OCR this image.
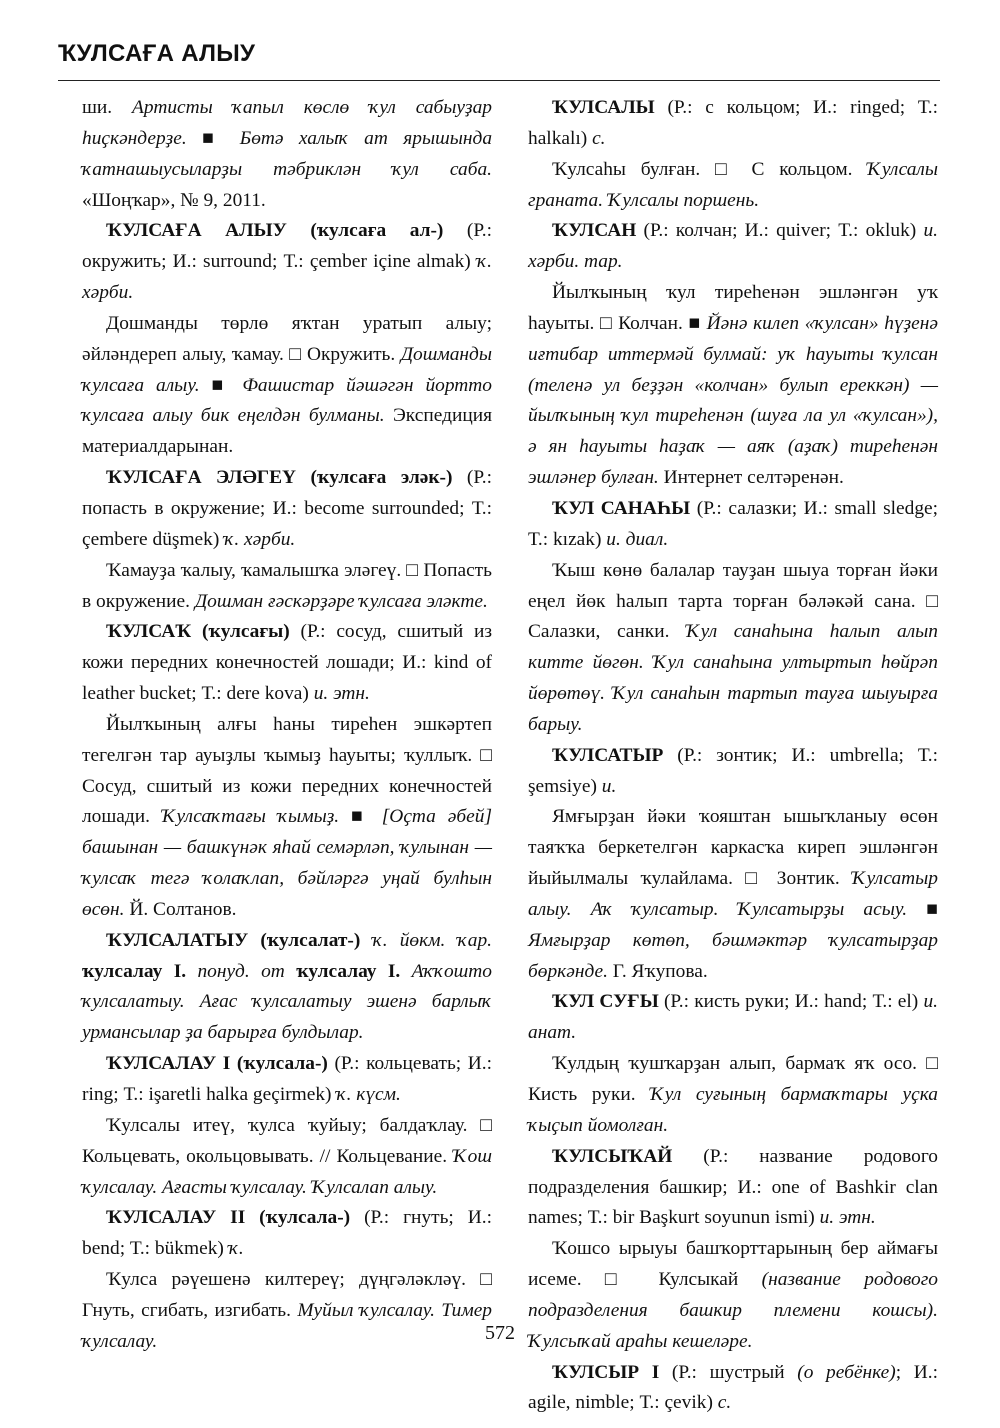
ҠУЛСАҒА АЛЫУ

ши. Артисты ҡапыл көслө ҡул сабыуҙар һиҫкәндерҙе. ■ Бөтә халыҡ ат ярышында ҡатнашыусыларҙы тәбриклән ҡул саба. «Шоңҡар», № 9, 2011.

ҠУЛСАҒА АЛЫУ (ҡулсаға ал-) (Р.: окружить; И.: surround; Т.: çember içine almak) ҡ. хәрби.

Дошманды төрлө яҡтан уратып алыу; әйләндереп алыу, ҡамау. □ Окружить. Дошманды ҡулсаға алыу. ■ Фашистар йәшәгән йортто ҡулсаға алыу бик еңелдән булманы. Экспедиция материалдарынан.

ҠУЛСАҒА ЭЛӘГЕҮ (ҡулсаға эләк-) (Р.: попасть в окружение; И.: become surrounded; Т.: çembere düşmek) ҡ. хәрби.

Ҡамауҙа ҡалыу, ҡамалышҡа эләгеү. □ Попасть в окружение. Дошман ғәскәрҙәре ҡулсаға эләкте.

ҠУЛСАҠ (ҡулсағы) (Р.: сосуд, сшитый из кожи передних конечностей лошади; И.: kind of leather bucket; Т.: dere kova) и. этн.

Йылҡының алғы һаны тиреһен эшкәртеп тегелгән тар ауыҙлы ҡымыҙ һауыты; ҡуллыҡ. □ Сосуд, сшитый из кожи передних конечностей лошади. Ҡулсаҡтағы ҡымыҙ. ■ [Оҫта әбей] башынан — башкүнәк яһай семәрләп, ҡулынан — ҡулсаҡ тегә ҡолаҡлап, бәйләргә уңай булһын өсөн. Й. Солтанов.

ҠУЛСАЛАТЫУ (ҡулсалат-) ҡ. йөкм. ҡар. ҡулсалау I. понуд. от ҡулсалау I. Аҡҡошто ҡулсалатыу. Ағас ҡулсалатыу эшенә барлыҡ урмансылар ҙа барырға булдылар.

ҠУЛСАЛАУ I (ҡулсала-) (Р.: кольцевать; И.: ring; Т.: işaretli halka geçirmek) ҡ. күсм.

Ҡулсалы итеү, ҡулса ҡуйыу; балдаҡлау. □ Кольцевать, окольцовывать. // Кольцевание. Ҡош ҡулсалау. Ағасты ҡулсалау. Ҡулсалап алыу.

ҠУЛСАЛАУ II (ҡулсала-) (Р.: гнуть; И.: bend; Т.: bükmek) ҡ.

Ҡулса рәүешенә килтереү; дүңгәләкләү. □ Гнуть, сгибать, изгибать. Муйыл ҡулсалау. Тимер ҡулсалау.

ҠУЛСАЛЫ (Р.: с кольцом; И.: ringed; Т.: halkalı) с.

Ҡулсаһы булған. □ С кольцом. Ҡулсалы граната. Ҡулсалы поршень.

ҠУЛСАН (Р.: колчан; И.: quiver; Т.: okluk) и. хәрби. тар.

Йылҡының ҡул тиреһенән эшләнгән уҡ һауыты. □ Колчан. ■ Йәнә килеп «ҡулсан» һүҙенә иғтибар иттермәй булмай: уҡ һауыты ҡулсан (теленә ул беҙҙән «колчан» булып ереккән) — йылҡының ҡул тиреһенән (шуға ла ул «ҡулсан»), ә ян һауыты һаҙаҡ — аяҡ (аҙаҡ) тиреһенән эшләнер булған. Интернет селтәренән.

ҠУЛ САНАҺЫ (Р.: салазки; И.: small sledge; Т.: kızak) и. диал.

Ҡыш көнө балалар тауҙан шыуа торған йәки еңел йөк һалып тарта торған бәләкәй сана. □ Салазки, санки. Ҡул санаһына һалып алып китте йөгөн. Ҡул санаһына ултыртып һөйрәп йөрөтөү. Ҡул санаһын тартып тауға шыуырға барыу.

ҠУЛСАТЫР (Р.: зонтик; И.: umbrella; Т.: şemsiye) и.

Ямғырҙан йәки ҡояштан ышыҡланыу өсөн таяҡҡа беркетелгән каркасҡа киреп эшләнгән йыйылмалы ҡулайлама. □ Зонтик. Ҡулсатыр алыу. Аҡ ҡулсатыр. Ҡулсатырҙы асыу. ■ Ямғырҙар көтөп, бәшмәктәр ҡулсатырҙар бөркәнде. Г. Яҡупова.

ҠУЛ СУҒЫ (Р.: кисть руки; И.: hand; Т.: el) и. анат.

Ҡулдың ҡушҡарҙан алып, бармаҡ яҡ осо. □ Кисть руки. Ҡул суғының бармаҡтары уҫка ҡыҫып йомолған.

ҠУЛСЫҠАЙ (Р.: название родового подразделения башкир; И.: one of Bashkir clan names; Т.: bir Başkurt soyunun ismi) и. этн.

Ҡошсо ырыуы башҡорттарының бер аймағы исеме. □ Кулсыкай (название родового подразделения башкир племени кошсы). Ҡулсыҡай араһы кешеләре.

ҠУЛСЫР I (Р.: шустрый (о ребёнке); И.: agile, nimble; Т.: çevik) с.

572
